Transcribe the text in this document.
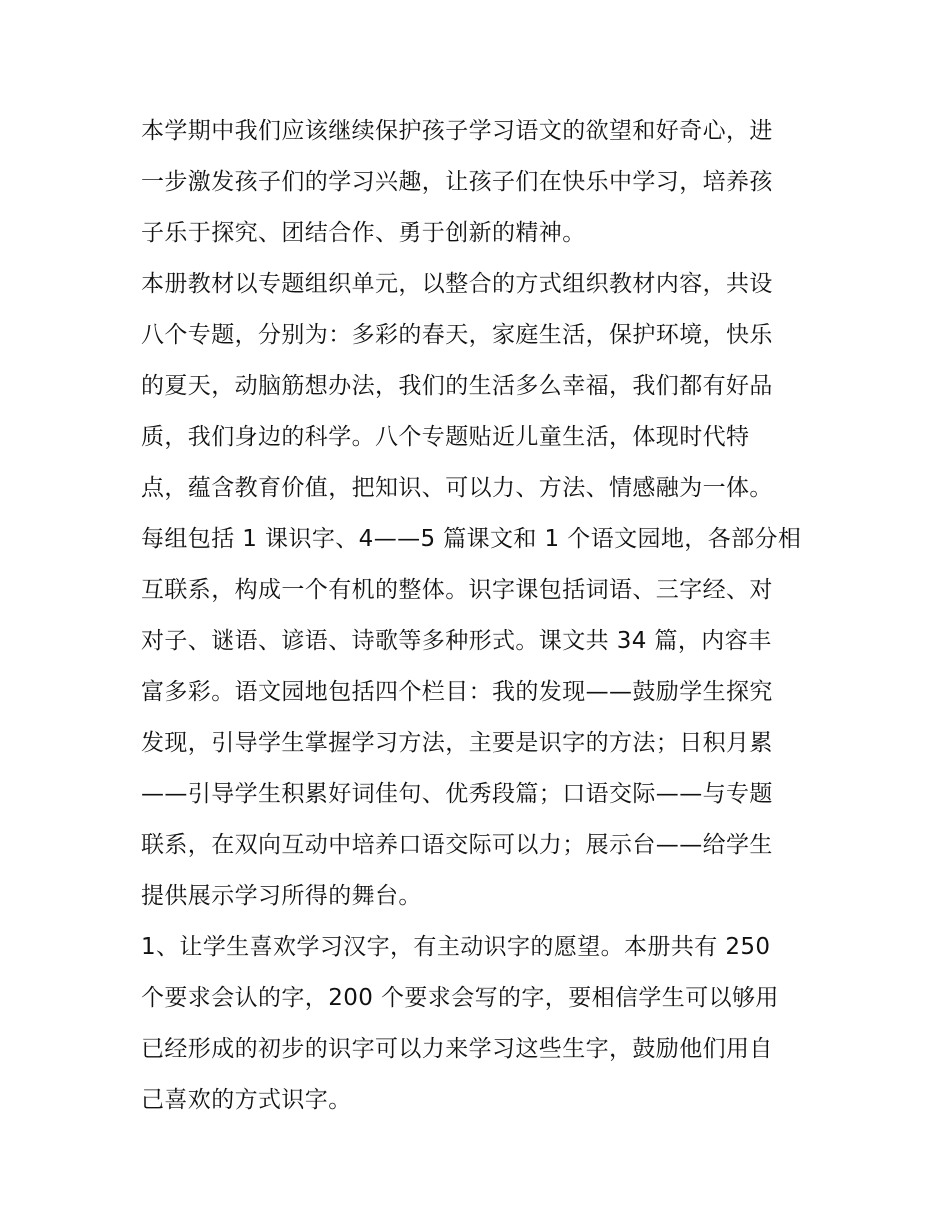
本学期中我们应该继续保护孩子学习语文的欲望和好奇心，进
一步激发孩子们的学习兴趣，让孩子们在快乐中学习，培养孩
子乐于探究、团结合作、勇于创新的精神。
本册教材以专题组织单元，以整合的方式组织教材内容，共设
八个专题，分别为：多彩的春天，家庭生活，保护环境，快乐
的夏天，动脑筋想办法，我们的生活多么幸福，我们都有好品
质，我们身边的科学。八个专题贴近儿童生活，体现时代特
点，蕴含教育价值，把知识、可以力、方法、情感融为一体。
每组包括 1 课识字、4——5 篇课文和 1 个语文园地，各部分相
互联系，构成一个有机的整体。识字课包括词语、三字经、对
对子、谜语、谚语、诗歌等多种形式。课文共 34 篇，内容丰
富多彩。语文园地包括四个栏目：我的发现——鼓励学生探究
发现，引导学生掌握学习方法，主要是识字的方法；日积月累
——引导学生积累好词佳句、优秀段篇；口语交际——与专题
联系，在双向互动中培养口语交际可以力；展示台——给学生
提供展示学习所得的舞台。
1、让学生喜欢学习汉字，有主动识字的愿望。本册共有 250
个要求会认的字，200 个要求会写的字，要相信学生可以够用
已经形成的初步的识字可以力来学习这些生字，鼓励他们用自
己喜欢的方式识字。
